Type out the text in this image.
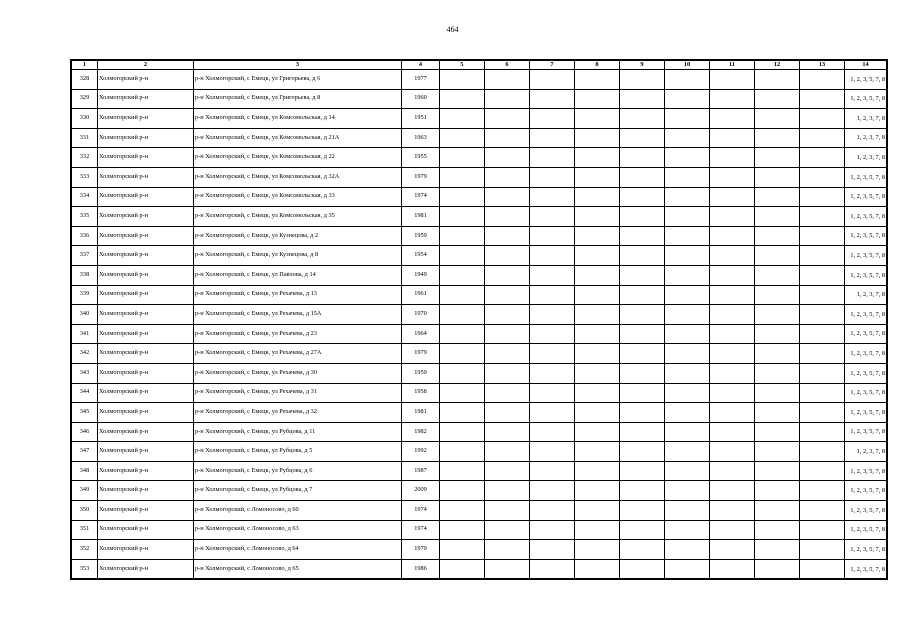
464
1	2	3	4	5	6	7	8	9	10	11	12	13	14
328	Холмогорский р-н	р-н Холмогорский, с Емецк, ул Григорьева, д 6	1977										1, 2, 3, 5, 7, 8
329	Холмогорский р-н	р-н Холмогорский, с Емецк, ул Григорьева, д 8	1960										1, 2, 3, 5, 7, 8
330	Холмогорский р-н	р-н Холмогорский, с Емецк, ул Комсомольская, д 14	1951										1, 2, 3, 7, 8
331	Холмогорский р-н	р-н Холмогорский, с Емецк, ул Комсомольская, д 21А	1963										1, 2, 3, 7, 8
332	Холмогорский р-н	р-н Холмогорский, с Емецк, ул Комсомольская, д 22	1955										1, 2, 3, 7, 8
333	Холмогорский р-н	р-н Холмогорский, с Емецк, ул Комсомольская, д 32А	1979										1, 2, 3, 5, 7, 8
334	Холмогорский р-н	р-н Холмогорский, с Емецк, ул Комсомольская, д 33	1974										1, 2, 3, 5, 7, 8
335	Холмогорский р-н	р-н Холмогорский, с Емецк, ул Комсомольская, д 35	1981										1, 2, 3, 5, 7, 8
336	Холмогорский р-н	р-н Холмогорский, с Емецк, ул Кузнецова, д 2	1959										1, 2, 3, 5, 7, 8
337	Холмогорский р-н	р-н Холмогорский, с Емецк, ул Кузнецова, д 8	1954										1, 2, 3, 5, 7, 8
338	Холмогорский р-н	р-н Холмогорский, с Емецк, ул Павлова, д 14	1949										1, 2, 3, 5, 7, 8
339	Холмогорский р-н	р-н Холмогорский, с Емецк, ул Рехачева, д 13	1961										1, 2, 3, 7, 8
340	Холмогорский р-н	р-н Холмогорский, с Емецк, ул Рехачева, д 15А	1970										1, 2, 3, 5, 7, 8
341	Холмогорский р-н	р-н Холмогорский, с Емецк, ул Рехачева, д 23	1964										1, 2, 3, 5, 7, 8
342	Холмогорский р-н	р-н Холмогорский, с Емецк, ул Рехачева, д 27А	1979										1, 2, 3, 5, 7, 8
343	Холмогорский р-н	р-н Холмогорский, с Емецк, ул Рехачева, д 30	1959										1, 2, 3, 5, 7, 8
344	Холмогорский р-н	р-н Холмогорский, с Емецк, ул Рехачева, д 31	1958										1, 2, 3, 5, 7, 8
345	Холмогорский р-н	р-н Холмогорский, с Емецк, ул Рехачева, д 32	1981										1, 2, 3, 5, 7, 8
346	Холмогорский р-н	р-н Холмогорский, с Емецк, ул Рубцова, д 11	1982										1, 2, 3, 5, 7, 8
347	Холмогорский р-н	р-н Холмогорский, с Емецк, ул Рубцова, д 5	1992										1, 2, 3, 7, 8
348	Холмогорский р-н	р-н Холмогорский, с Емецк, ул Рубцова, д 6	1987										1, 2, 3, 5, 7, 8
349	Холмогорский р-н	р-н Холмогорский, с Емецк, ул Рубцова, д 7	2009										1, 2, 3, 5, 7, 8
350	Холмогорский р-н	р-н Холмогорский, с Ломоносово, д 60	1974										1, 2, 3, 5, 7, 8
351	Холмогорский р-н	р-н Холмогорский, с Ломоносово, д 63	1974										1, 2, 3, 5, 7, 8
352	Холмогорский р-н	р-н Холмогорский, с Ломоносово, д 64	1979										1, 2, 3, 5, 7, 8
353	Холмогорский р-н	р-н Холмогорский, с Ломоносово, д 65	1986										1, 2, 3, 5, 7, 8
